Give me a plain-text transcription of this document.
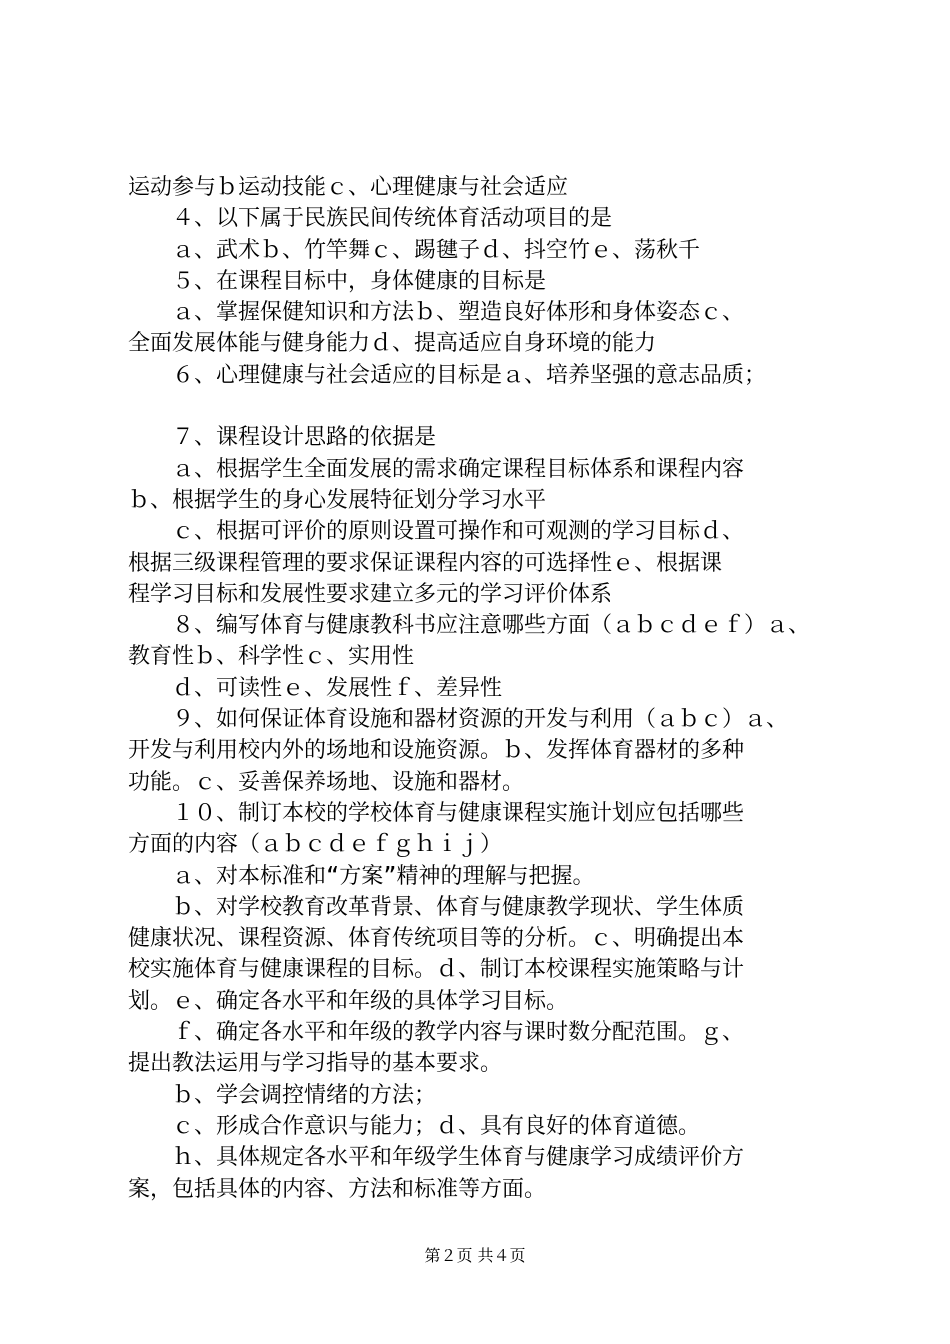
运动参与ｂ运动技能ｃ、心理健康与社会适应
　　４、以下属于民族民间传统体育活动项目的是
　　ａ、武术ｂ、竹竿舞ｃ、踢毽子ｄ、抖空竹ｅ、荡秋千
　　５、在课程目标中，身体健康的目标是
　　ａ、掌握保健知识和方法ｂ、塑造良好体形和身体姿态ｃ、
全面发展体能与健身能力ｄ、提高适应自身环境的能力
　　６、心理健康与社会适应的目标是ａ、培养坚强的意志品质；
　　７、课程设计思路的依据是
　　ａ、根据学生全面发展的需求确定课程目标体系和课程内容
ｂ、根据学生的身心发展特征划分学习水平
　　ｃ、根据可评价的原则设置可操作和可观测的学习目标ｄ、
根据三级课程管理的要求保证课程内容的可选择性ｅ、根据课
程学习目标和发展性要求建立多元的学习评价体系
　　８、编写体育与健康教科书应注意哪些方面（ａｂｃｄｅｆ）ａ、
教育性ｂ、科学性ｃ、实用性
　　ｄ、可读性ｅ、发展性ｆ、差异性
　　９、如何保证体育设施和器材资源的开发与利用（ａｂｃ）ａ、
开发与利用校内外的场地和设施资源。ｂ、发挥体育器材的多种
功能。ｃ、妥善保养场地、设施和器材。
　　１０、制订本校的学校体育与健康课程实施计划应包括哪些
方面的内容（ａｂｃｄｅｆｇｈｉｊ）
　　ａ、对本标准和“方案”精神的理解与把握。
　　ｂ、对学校教育改革背景、体育与健康教学现状、学生体质
健康状况、课程资源、体育传统项目等的分析。ｃ、明确提出本
校实施体育与健康课程的目标。ｄ、制订本校课程实施策略与计
划。ｅ、确定各水平和年级的具体学习目标。
　　ｆ、确定各水平和年级的教学内容与课时数分配范围。ｇ、
提出教法运用与学习指导的基本要求。
　　ｂ、学会调控情绪的方法；
　　ｃ、形成合作意识与能力；ｄ、具有良好的体育道德。
　　ｈ、具体规定各水平和年级学生体育与健康学习成绩评价方
案，包括具体的内容、方法和标准等方面。
第２页 共４页
